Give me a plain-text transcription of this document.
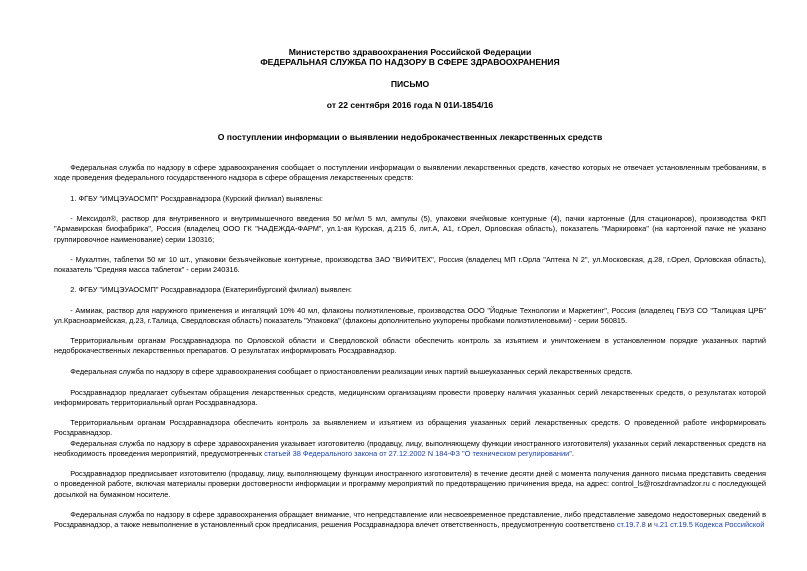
Министерство здравоохранения Российской Федерации
ФЕДЕРАЛЬНАЯ СЛУЖБА ПО НАДЗОРУ В СФЕРЕ ЗДРАВООХРАНЕНИЯ
ПИСЬМО
от 22 сентября 2016 года N 01И-1854/16
О поступлении информации о выявлении недоброкачественных лекарственных средств

Федеральная служба по надзору в сфере здравоохранения сообщает о поступлении информации о выявлении лекарственных средств, качество которых не отвечает установленным требованиям, в ходе проведения федерального государственного надзора в сфере обращения лекарственных средств:

1. ФГБУ "ИМЦЭУАОСМП" Росздравнадзора (Курский филиал) выявлены:

- Мексидол®, раствор для внутривенного и внутримышечного введения 50 мг/мл 5 мл, ампулы (5), упаковки ячейковые контурные (4), пачки картонные (Для стационаров), производства ФКП "Армавирская биофабрика", Россия (владелец ООО ГК "НАДЕЖДА-ФАРМ", ул.1-ая Курская, д.215 б, лит.А, А1, г.Орел, Орловская область), показатель "Маркировка" (на картонной пачке не указано группировочное наименование) серии 130316;

- Мукалтин, таблетки 50 мг 10 шт., упаковки безъячейковые контурные, производства ЗАО "ВИФИТЕХ", Россия (владелец МП г.Орла "Аптека N 2", ул.Московская, д.28, г.Орел, Орловская область), показатель "Средняя масса таблеток" - серии 240316.

2. ФГБУ "ИМЦЭУАОСМП" Росздравнадзора (Екатеринбургский филиал) выявлен:

- Аммиак, раствор для наружного применения и ингаляций 10% 40 мл, флаконы полиэтиленовые, производства ООО "Йодные Технологии и Маркетинг", Россия (владелец ГБУЗ СО "Талицкая ЦРБ" ул.Красноармейская, д.23, г.Талица, Свердловская область) показатель "Упаковка" (флаконы дополнительно укупорены пробками полиэтиленовыми) - серии 560815.

Территориальным органам Росздравнадзора по Орловской области и Свердловской области обеспечить контроль за изъятием и уничтожением в установленном порядке указанных партий недоброкачественных лекарственных препаратов. О результатах информировать Росздравнадзор.

Федеральная служба по надзору в сфере здравоохранения сообщает о приостановлении реализации иных партий вышеуказанных серий лекарственных средств.

Росздравнадзор предлагает субъектам обращения лекарственных средств, медицинским организациям провести проверку наличия указанных серий лекарственных средств, о результатах которой информировать территориальный орган Росздравнадзора.

Территориальным органам Росздравнадзора обеспечить контроль за выявлением и изъятием из обращения указанных серий лекарственных средств. О проведенной работе информировать Росздравнадзор.

Федеральная служба по надзору в сфере здравоохранения указывает изготовителю (продавцу, лицу, выполняющему функции иностранного изготовителя) указанных серий лекарственных средств на необходимость проведения мероприятий, предусмотренных статьей 38 Федерального закона от 27.12.2002 N 184-ФЗ "О техническом регулировании".

Росздравнадзор предписывает изготовителю (продавцу, лицу, выполняющему функции иностранного изготовителя) в течение десяти дней с момента получения данного письма представить сведения о проведенной работе, включая материалы проверки достоверности информации и программу мероприятий по предотвращению причинения вреда, на адрес: control_ls@roszdravnadzor.ru с последующей досылкой на бумажном носителе.

Федеральная служба по надзору в сфере здравоохранения обращает внимание, что непредставление или несвоевременное представление, либо представление заведомо недостоверных сведений в Росздравнадзор, а также невыполнение в установленный срок предписания, решения Росздравнадзора влечет ответственность, предусмотренную соответствено ст.19.7.8 и ч.21 ст.19.5 Кодекса Российской
